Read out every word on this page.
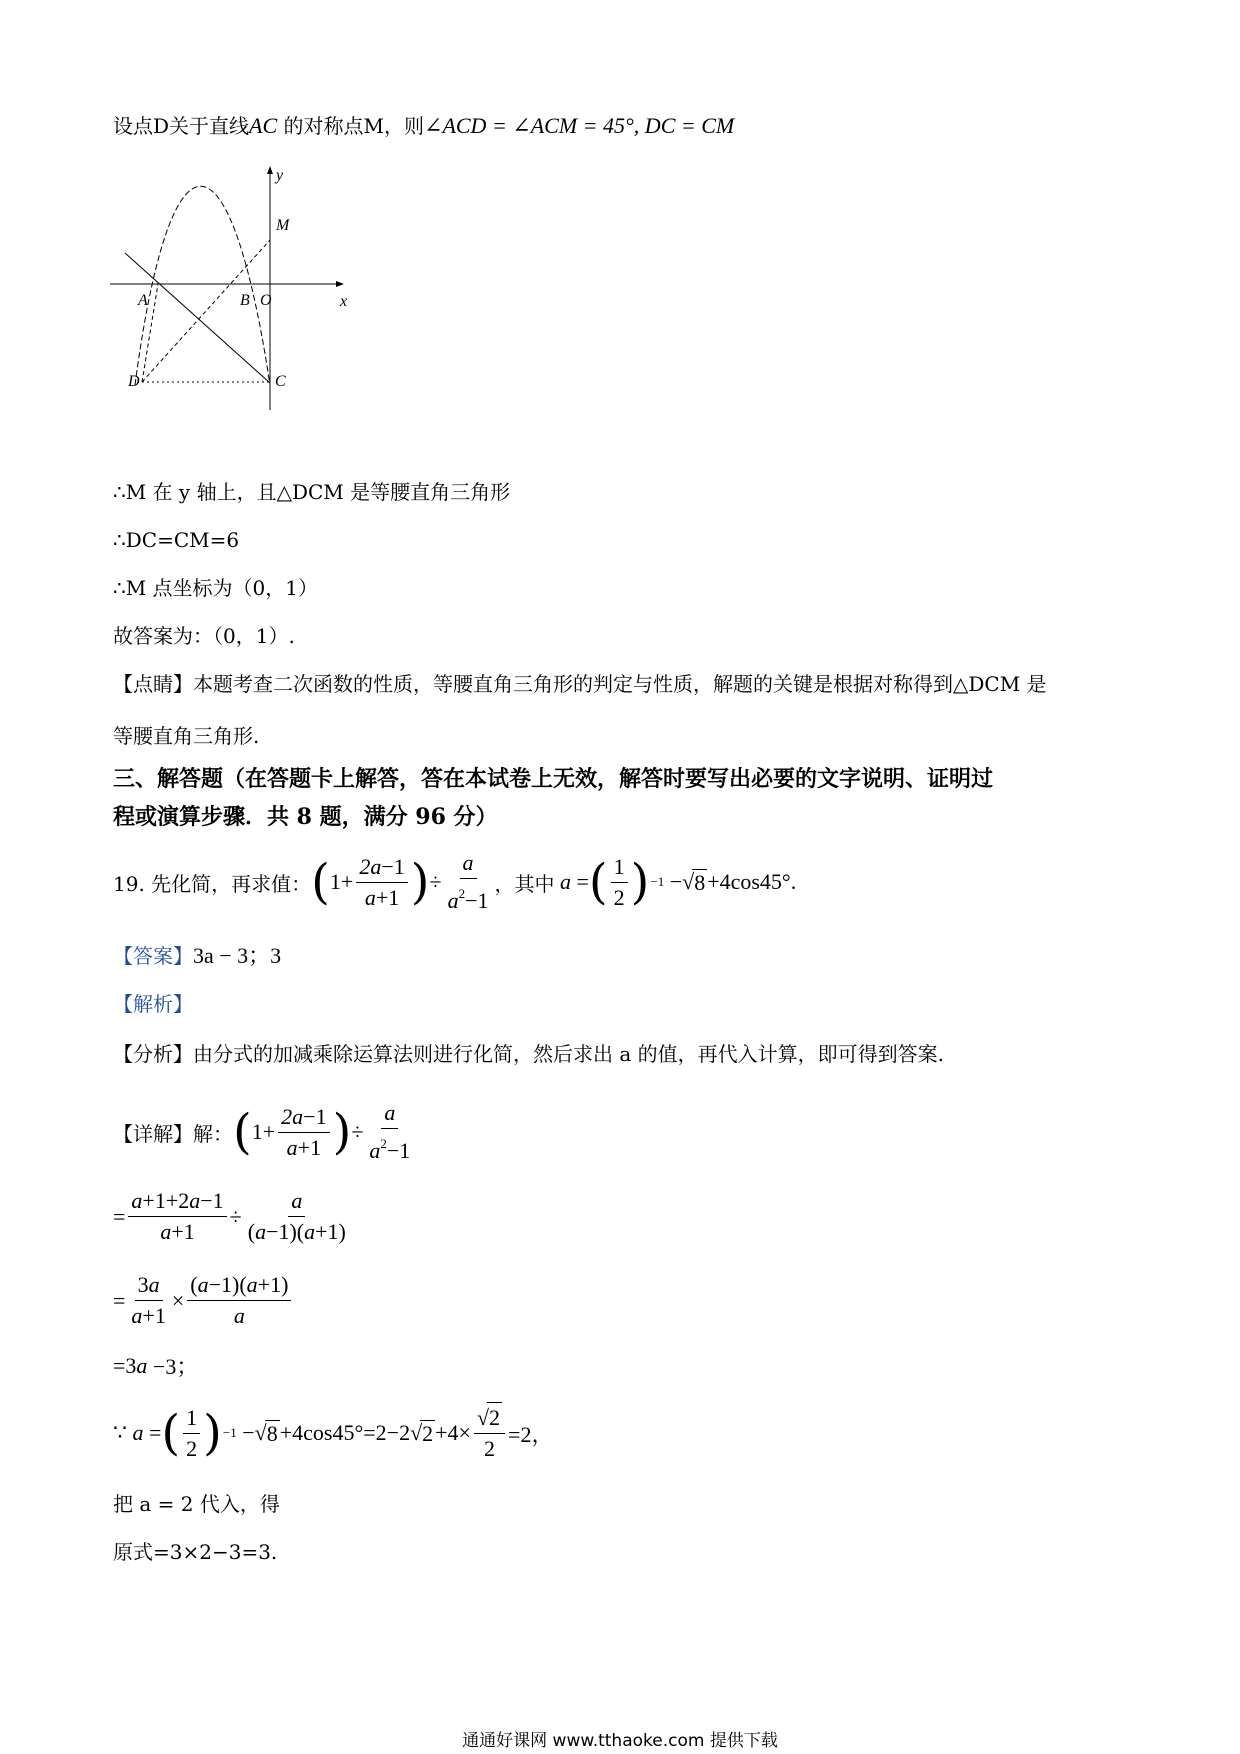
设点D关于直线AC 的对称点M，则∠ACD = ∠ACM = 45°, DC = CM
y
x
M
A	B O
D	C
∴M 在 y 轴上，且△DCM 是等腰直角三角形
∴DC=CM=6
∴M 点坐标为（0，1）
故答案为：（0，1）.
【点睛】本题考查二次函数的性质，等腰直角三角形的判定与性质，解题的关键是根据对称得到△DCM 是
等腰直角三角形.
三、解答题（在答题卡上解答，答在本试卷上无效，解答时要写出必要的文字说明、证明过
程或演算步骤．共 8 题，满分 96 分）
19. 先化简，再求值： ( $1+ \frac{2a-1}{a+1}$ ) ÷ $\frac{a}{a^2-1}$ ，其中 a = ( $\frac{1}{2}$ ) −1 −√ 8 +4cos45°.
【答案】3a − 3；3
【解析】
【分析】由分式的加减乘除运算法则进行化简，然后求出 a 的值，再代入计算，即可得到答案.
【详解】 解： ( $1+ \frac{2a-1}{a+1}$ ) ÷ $\frac{a}{a^2-1}$
= $\frac{a+1+2a-1}{a+1} \div \frac{a}{(a-1)(a+1)}$
= $\frac{3a}{a+1} \times \frac{(a-1)(a+1)}{a}$
=3 a −3；
∵ a = ( $\frac{1}{2}$ ) −1 −√ 8 +4cos45°=2−2√ $2 +4\times \frac{√2}{2} =2$，
把 a = 2 代入，得
原式=3×2−3=3.
通通好课网 www.tthaoke.com 提供下载
